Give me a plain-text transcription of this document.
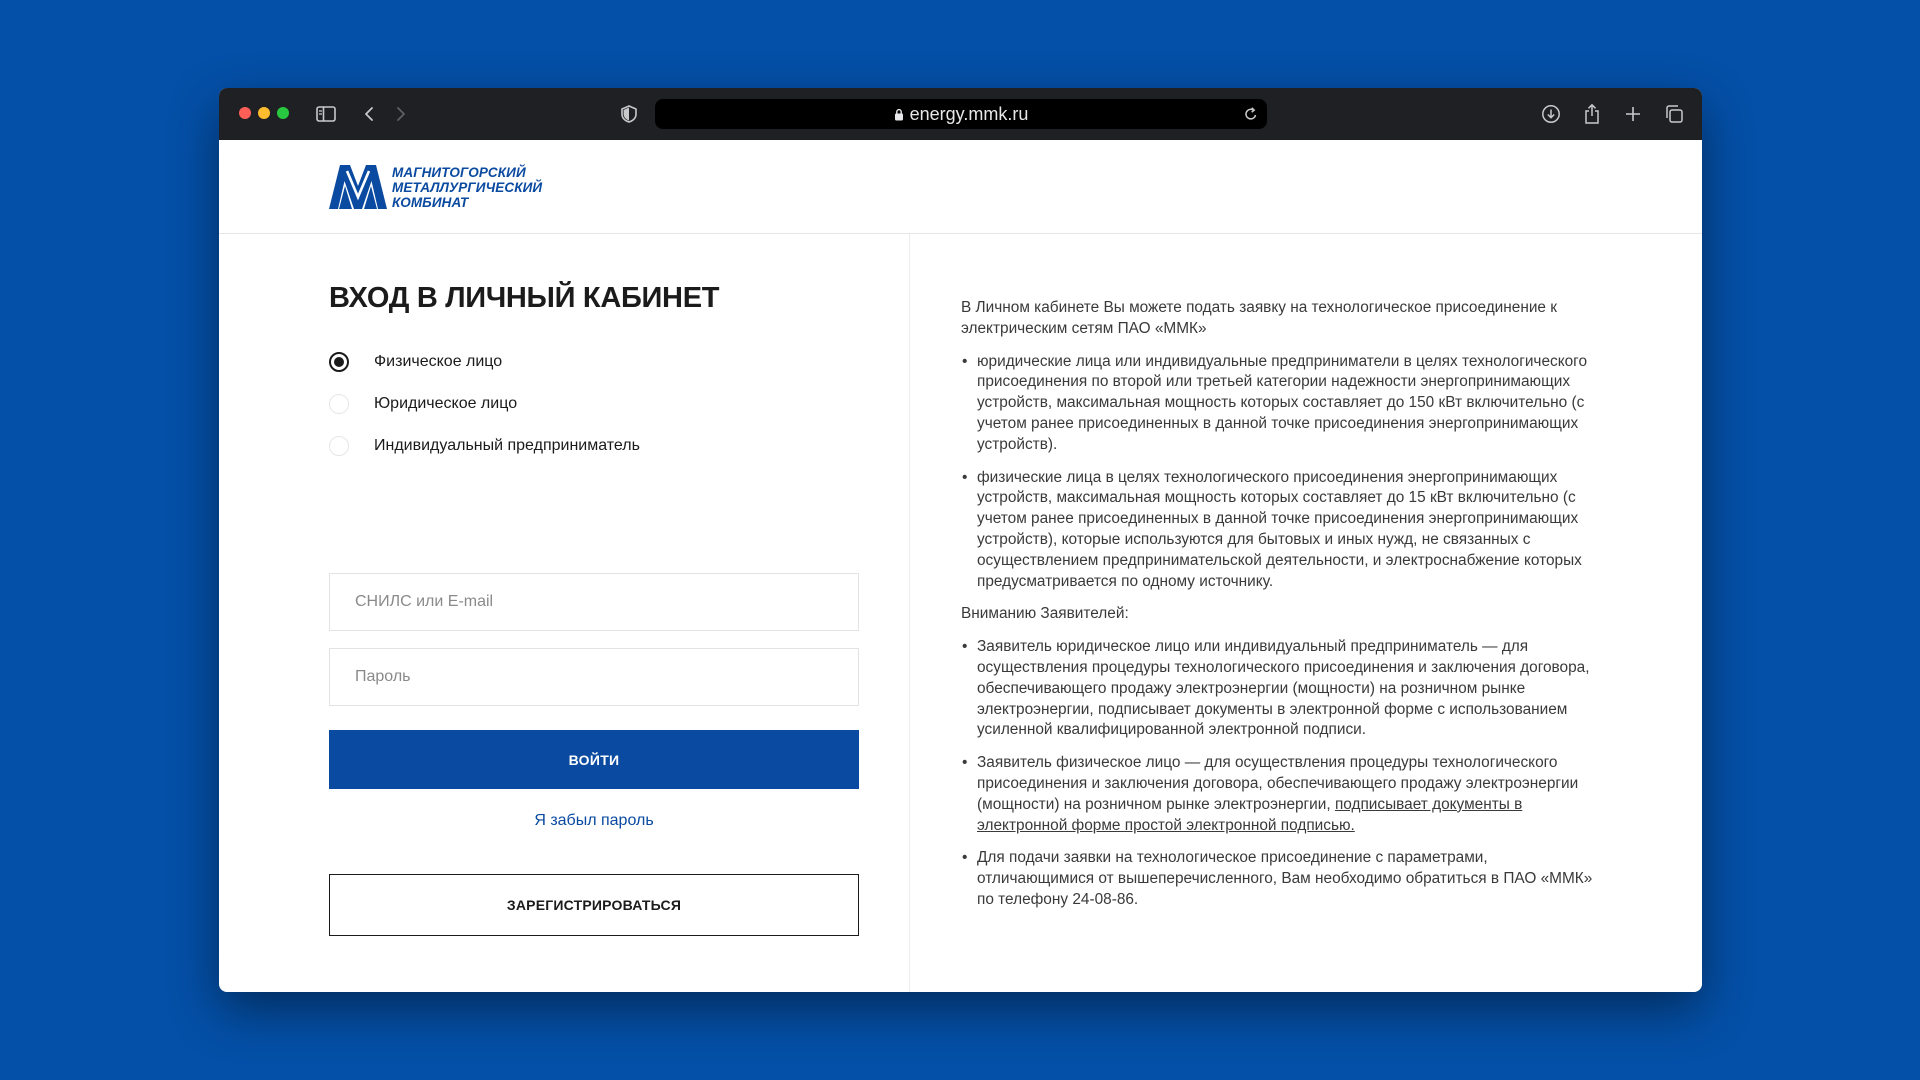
energy.mmk.ru
МАГНИТОГОРСКИЙ
МЕТАЛЛУРГИЧЕСКИЙ
КОМБИНАТ
ВХОД В ЛИЧНЫЙ КАБИНЕТ
Физическое лицо
Юридическое лицо
Индивидуальный предприниматель
СНИЛС или E-mail
ВОЙТИ
Я забыл пароль
ЗАРЕГИСТРИРОВАТЬСЯ

В Личном кабинете Вы можете подать заявку на технологическое присоединение к электрическим сетям ПАО «ММК»

• юридические лица или индивидуальные предприниматели в целях технологического присоединения по второй или третьей категории надежности энергопринимающих устройств, максимальная мощность которых составляет до 150 кВт включительно (с учетом ранее присоединенных в данной точке присоединения энергопринимающих устройств).
• физические лица в целях технологического присоединения энергопринимающих устройств, максимальная мощность которых составляет до 15 кВт включительно (с учетом ранее присоединенных в данной точке присоединения энергопринимающих устройств), которые используются для бытовых и иных нужд, не связанных с осуществлением предпринимательской деятельности, и электроснабжение которых предусматривается по одному источнику.

Вниманию Заявителей:

• Заявитель юридическое лицо или индивидуальный предприниматель — для осуществления процедуры технологического присоединения и заключения договора, обеспечивающего продажу электроэнергии (мощности) на розничном рынке электроэнергии, подписывает документы в электронной форме с использованием усиленной квалифицированной электронной подписи.
• Заявитель физическое лицо — для осуществления процедуры технологического присоединения и заключения договора, обеспечивающего продажу электроэнергии (мощности) на розничном рынке электроэнергии, подписывает документы в электронной форме простой электронной подписью.
• Для подачи заявки на технологическое присоединение с параметрами, отличающимися от вышеперечисленного, Вам необходимо обратиться в ПАО «ММК» по телефону 24-08-86.
